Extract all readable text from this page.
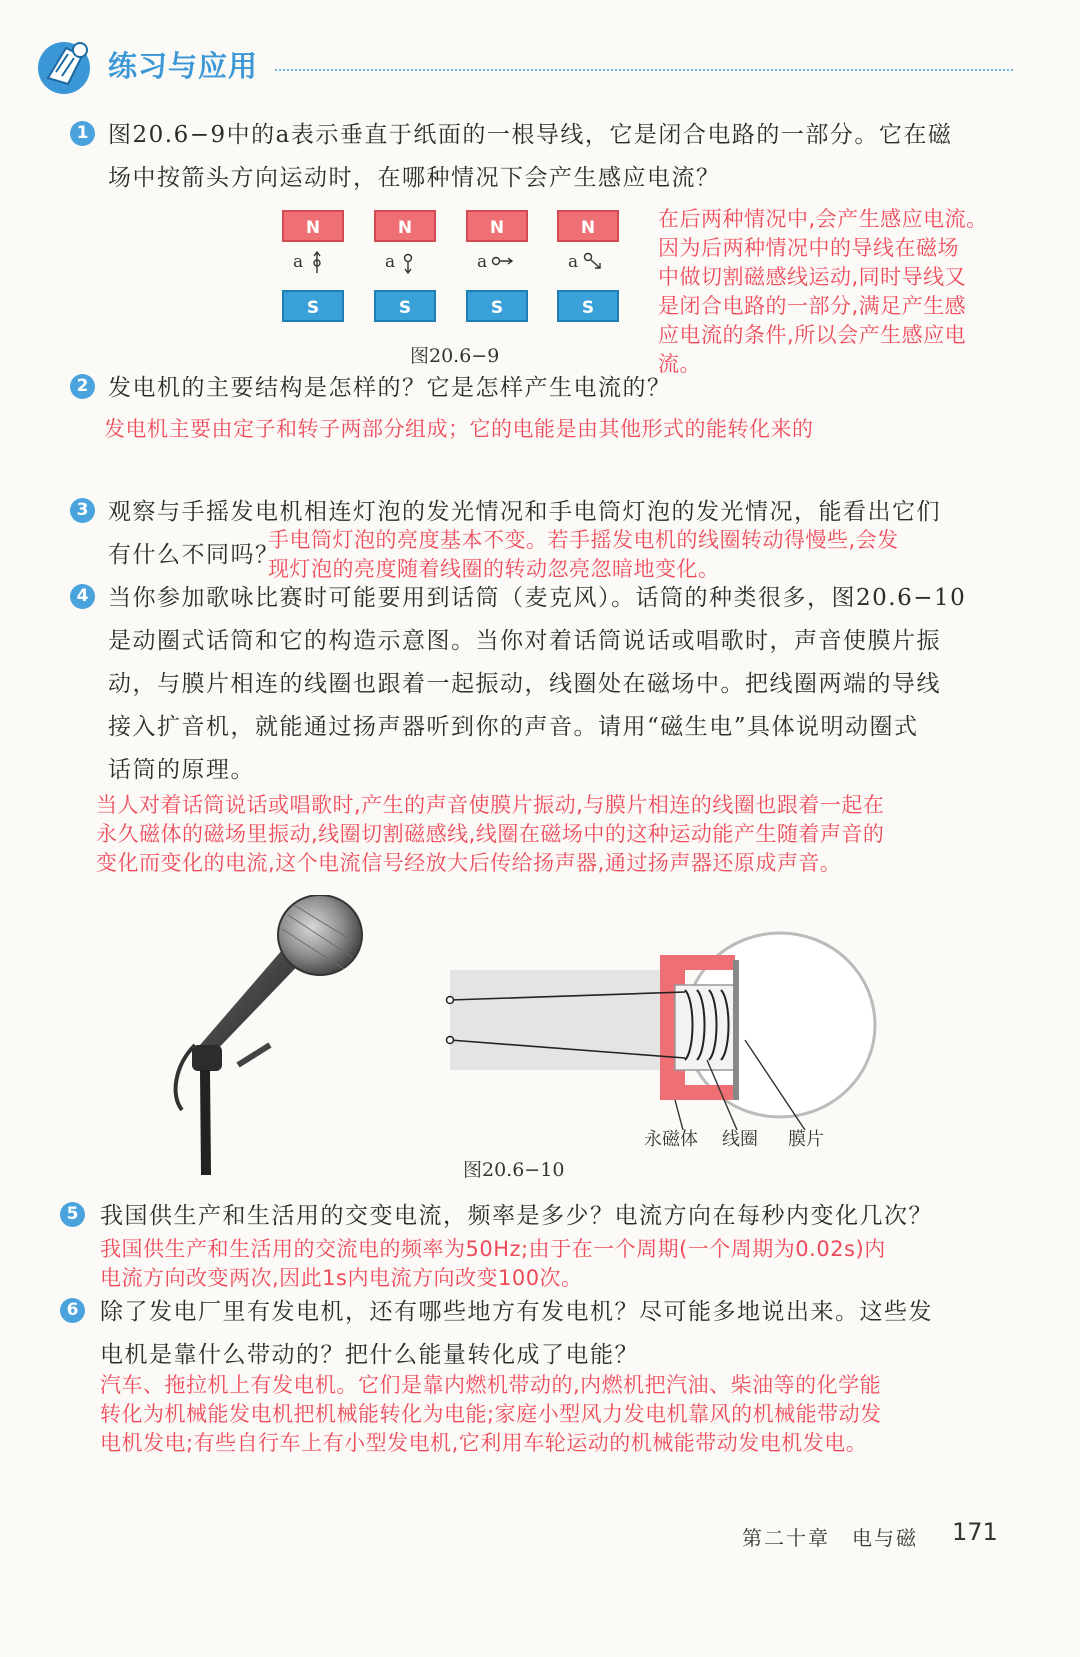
练习与应用
1 图20.6−9中的a表示垂直于纸面的一根导线，它是闭合电路的一部分。它在磁
场中按箭头方向运动时，在哪种情况下会产生感应电流？
N	N	N	N
a	a	a	a
S	S	S	S
图20.6−9
在后两种情况中,会产生感应电流。
因为后两种情况中的导线在磁场
中做切割磁感线运动,同时导线又
是闭合电路的一部分,满足产生感
应电流的条件,所以会产生感应电
流。
2 发电机的主要结构是怎样的？它是怎样产生电流的？
发电机主要由定子和转子两部分组成；它的电能是由其他形式的能转化来的
3 观察与手摇发电机相连灯泡的发光情况和手电筒灯泡的发光情况，能看出它们
有什么不同吗？
手电筒灯泡的亮度基本不变。若手摇发电机的线圈转动得慢些,会发
现灯泡的亮度随着线圈的转动忽亮忽暗地变化。
4 当你参加歌咏比赛时可能要用到话筒（麦克风）。话筒的种类很多，图20.6−10
是动圈式话筒和它的构造示意图。当你对着话筒说话或唱歌时，声音使膜片振
动，与膜片相连的线圈也跟着一起振动，线圈处在磁场中。把线圈两端的导线
接入扩音机，就能通过扬声器听到你的声音。请用“磁生电”具体说明动圈式
话筒的原理。
当人对着话筒说话或唱歌时,产生的声音使膜片振动,与膜片相连的线圈也跟着一起在
永久磁体的磁场里振动,线圈切割磁感线,线圈在磁场中的这种运动能产生随着声音的
变化而变化的电流,这个电流信号经放大后传给扬声器,通过扬声器还原成声音。
永磁体 线圈 膜片
图20.6−10
5 我国供生产和生活用的交变电流，频率是多少？电流方向在每秒内变化几次？
我国供生产和生活用的交流电的频率为50Hz;由于在一个周期(一个周期为0.02s)内
电流方向改变两次,因此1s内电流方向改变100次。
6 除了发电厂里有发电机，还有哪些地方有发电机？尽可能多地说出来。这些发
电机是靠什么带动的？把什么能量转化成了电能？
汽车、拖拉机上有发电机。它们是靠内燃机带动的,内燃机把汽油、柴油等的化学能
转化为机械能发电机把机械能转化为电能;家庭小型风力发电机靠风的机械能带动发
电机发电;有些自行车上有小型发电机,它利用车轮运动的机械能带动发电机发电。
第二十章　电与磁 171
